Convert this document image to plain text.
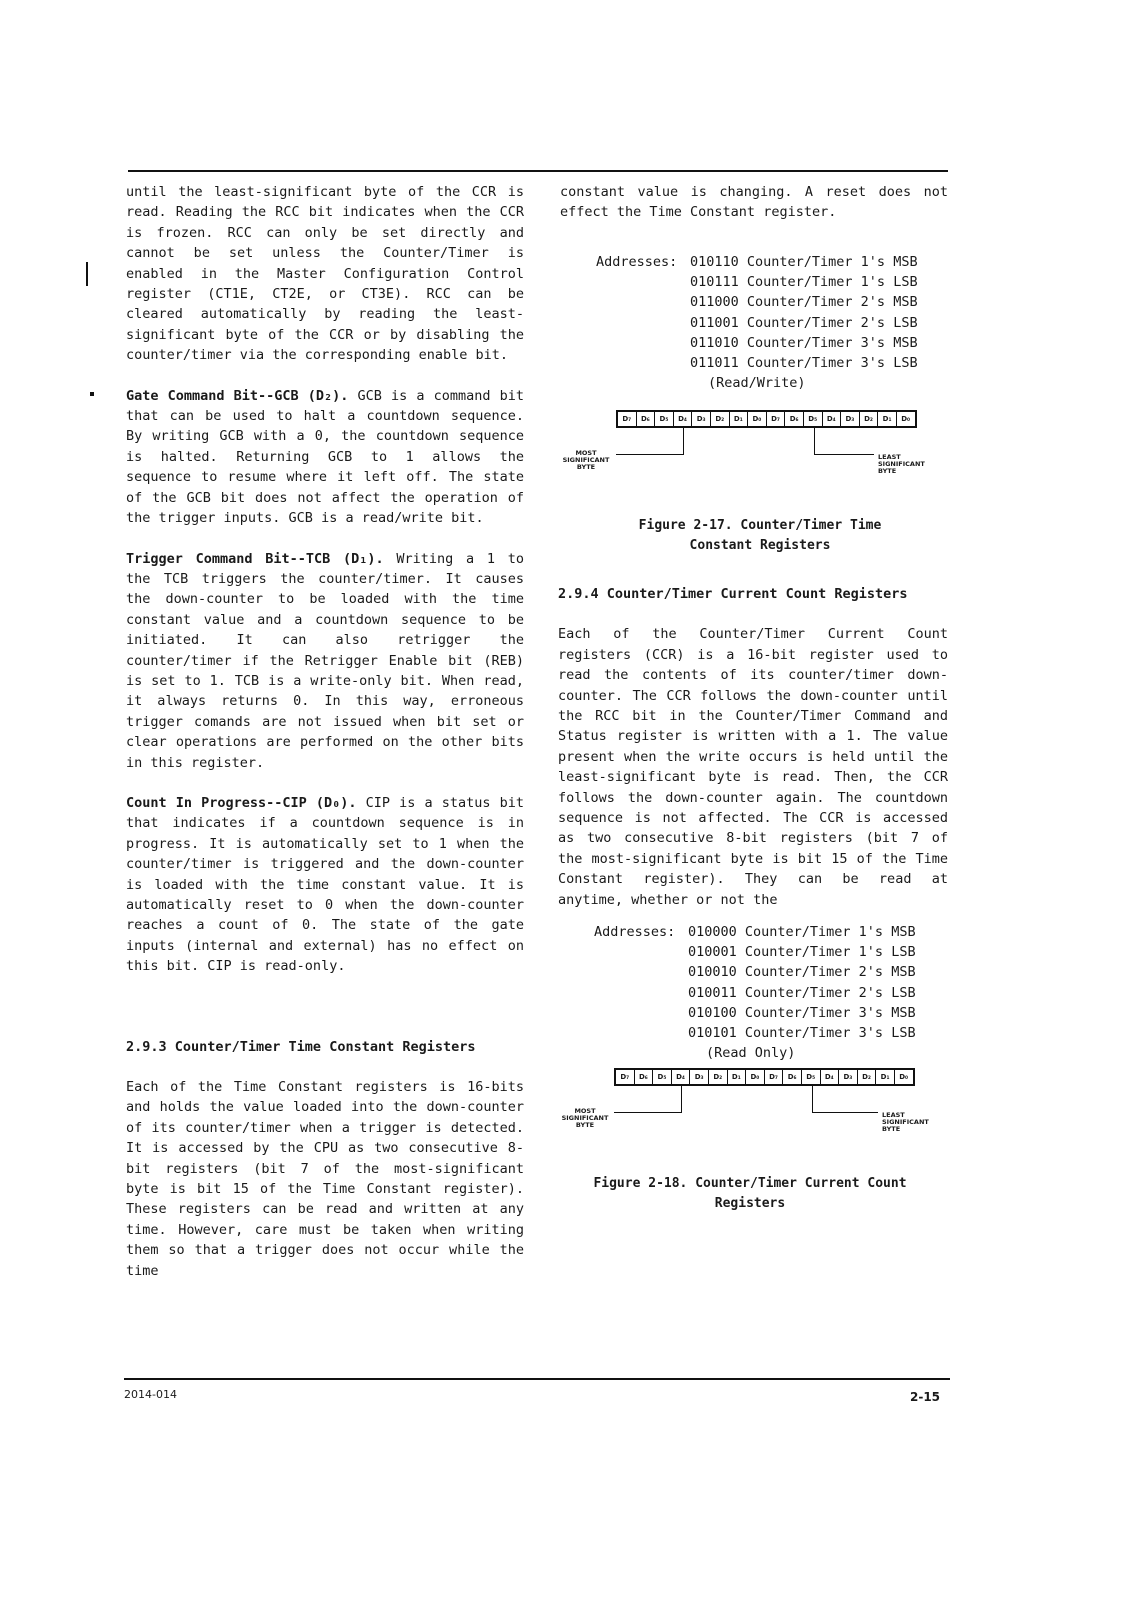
until the least-significant byte of the CCR is read. Reading the RCC bit indicates when the CCR is frozen. RCC can only be set directly and cannot be set unless the Counter/Timer is enabled in the Master Configuration Control register (CT1E, CT2E, or CT3E). RCC can be cleared automatically by reading the least-significant byte of the CCR or by disabling the counter/timer via the corresponding enable bit.

Gate Command Bit--GCB (D₂). GCB is a command bit that can be used to halt a countdown sequence. By writing GCB with a 0, the countdown sequence is halted. Returning GCB to 1 allows the sequence to resume where it left off. The state of the GCB bit does not affect the operation of the trigger inputs. GCB is a read/write bit.

Trigger Command Bit--TCB (D₁). Writing a 1 to the TCB triggers the counter/timer. It causes the down-counter to be loaded with the time constant value and a countdown sequence to be initiated. It can also retrigger the counter/timer if the Retrigger Enable bit (REB) is set to 1. TCB is a write-only bit. When read, it always returns 0. In this way, erroneous trigger comands are not issued when bit set or clear operations are performed on the other bits in this register.

Count In Progress--CIP (D₀). CIP is a status bit that indicates if a countdown sequence is in progress. It is automatically set to 1 when the counter/timer is triggered and the down-counter is loaded with the time constant value. It is automatically reset to 0 when the down-counter reaches a count of 0. The state of the gate inputs (internal and external) has no effect on this bit. CIP is read-only.

2.9.3 Counter/Timer Time Constant Registers

Each of the Time Constant registers is 16-bits and holds the value loaded into the down-counter of its counter/timer when a trigger is detected. It is accessed by the CPU as two consecutive 8-bit registers (bit 7 of the most-significant byte is bit 15 of the Time Constant register). These registers can be read and written at any time. However, care must be taken when writing them so that a trigger does not occur while the time

constant value is changing. A reset does not effect the Time Constant register.

Addresses: 010110 Counter/Timer 1's MSB
010111 Counter/Timer 1's LSB
011000 Counter/Timer 2's MSB
011001 Counter/Timer 2's LSB
011010 Counter/Timer 3's MSB
011011 Counter/Timer 3's LSB
(Read/Write)
D₇	D₆	D₅	D₄	D₃	D₂	D₁	D₀	D₇	D₆	D₅	D₄	D₃	D₂	D₁	D₀
MOST
SIGNIFICANT
BYTE
LEAST
SIGNIFICANT
BYTE
Figure 2-17. Counter/Timer Time
Constant Registers

2.9.4 Counter/Timer Current Count Registers

Each of the Counter/Timer Current Count registers (CCR) is a 16-bit register used to read the contents of its counter/timer down-counter. The CCR follows the down-counter until the RCC bit in the Counter/Timer Command and Status register is written with a 1. The value present when the write occurs is held until the least-significant byte is read. Then, the CCR follows the down-counter again. The countdown sequence is not affected. The CCR is accessed as two consecutive 8-bit registers (bit 7 of the most-significant byte is bit 15 of the Time Constant register). They can be read at anytime, whether or not the

Addresses: 010000 Counter/Timer 1's MSB
010001 Counter/Timer 1's LSB
010010 Counter/Timer 2's MSB
010011 Counter/Timer 2's LSB
010100 Counter/Timer 3's MSB
010101 Counter/Timer 3's LSB
(Read Only)
D₇	D₆	D₅	D₄	D₃	D₂	D₁	D₀	D₇	D₆	D₅	D₄	D₃	D₂	D₁	D₀
MOST
SIGNIFICANT
BYTE
LEAST
SIGNIFICANT
BYTE
Figure 2-18. Counter/Timer Current Count
Registers
2014-014	2-15
